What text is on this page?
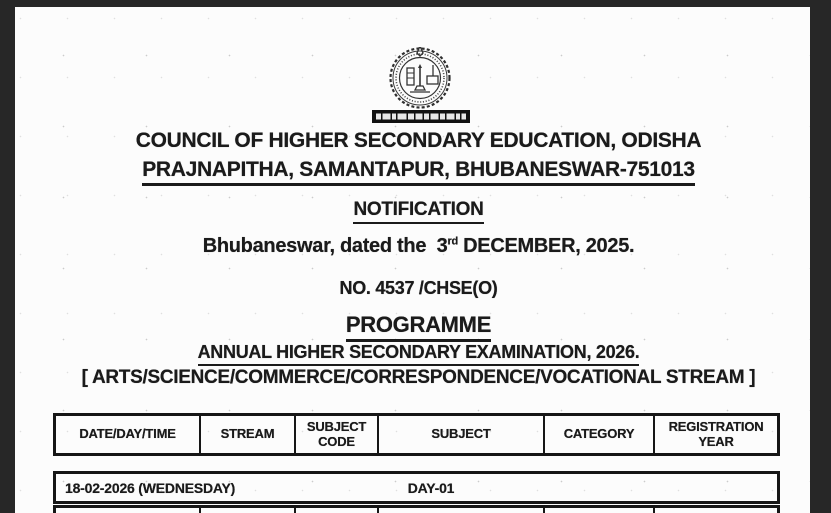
COUNCIL OF HIGHER SECONDARY EDUCATION, ODISHA
PRAJNAPITHA, SAMANTAPUR, BHUBANESWAR-751013
NOTIFICATION
Bhubaneswar, dated the  3rd DECEMBER, 2025.
NO. 4537 /CHSE(O)
PROGRAMME
ANNUAL HIGHER SECONDARY EXAMINATION, 2026.
[ ARTS/SCIENCE/COMMERCE/CORRESPONDENCE/VOCATIONAL STREAM ]
DATE/DAY/TIME	STREAM	SUBJECT CODE	SUBJECT	CATEGORY	REGISTRATION YEAR
18-02-2026 (WEDNESDAY)	DAY-01
